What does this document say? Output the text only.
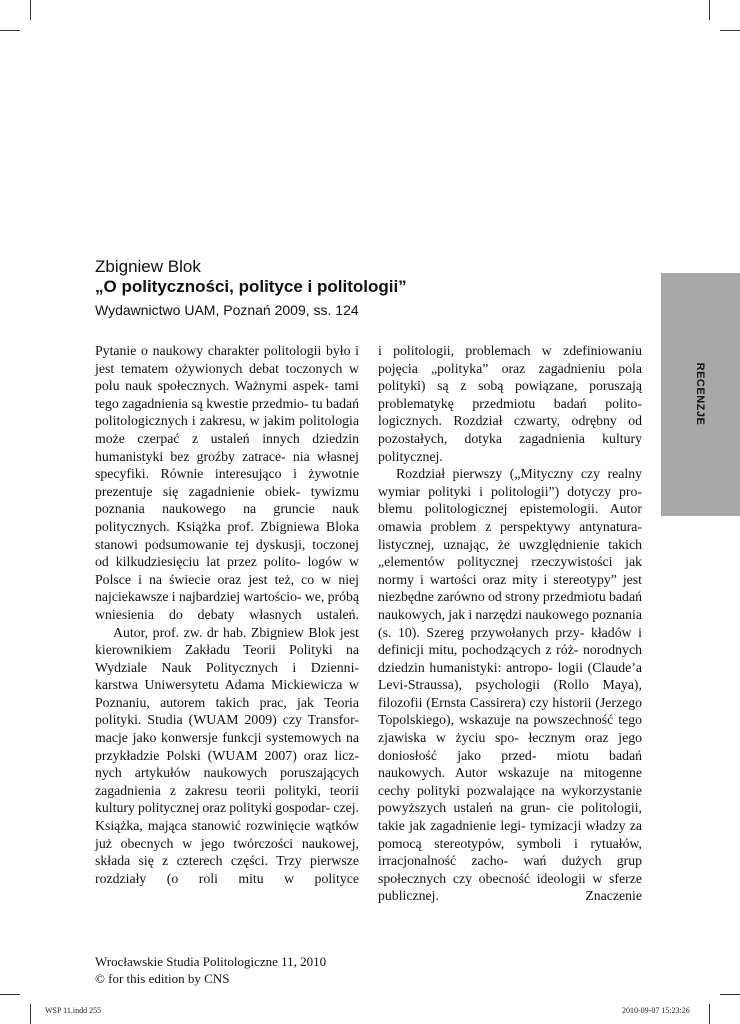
RECENZJE
Zbigniew Blok
„O polityczności, polityce i politologii”
Wydawnictwo UAM, Poznań 2009, ss. 124

Pytanie o naukowy charakter politologii było i jest tematem ożywionych debat toczonych w polu nauk społecznych. Ważnymi aspek- tami tego zagadnienia są kwestie przedmio- tu badań politologicznych i zakresu, w jakim politologia może czerpać z ustaleń innych dziedzin humanistyki bez groźby zatrace- nia własnej specyfiki. Równie interesująco i żywotnie prezentuje się zagadnienie obiek- tywizmu poznania naukowego na gruncie nauk politycznych. Książka prof. Zbigniewa Bloka stanowi podsumowanie tej dyskusji, toczonej od kilkudziesięciu lat przez polito- logów w Polsce i na świecie oraz jest też, co w niej najciekawsze i najbardziej wartościo- we, próbą wniesienia do debaty własnych ustaleń.

Autor, prof. zw. dr hab. Zbigniew Blok jest kierownikiem Zakładu Teorii Polityki na Wydziale Nauk Politycznych i Dzienni- karstwa Uniwersytetu Adama Mickiewicza w Poznaniu, autorem takich prac, jak Teoria polityki. Studia (WUAM 2009) czy Transfor- macje jako konwersje funkcji systemowych na przykładzie Polski (WUAM 2007) oraz licz- nych artykułów naukowych poruszających zagadnienia z zakresu teorii polityki, teorii kultury politycznej oraz polityki gospodar- czej. Książka, mająca stanowić rozwinięcie wątków już obecnych w jego twórczości naukowej, składa się z czterech części. Trzy pierwsze rozdziały (o roli mitu w polityce

i politologii, problemach w zdefiniowaniu pojęcia „polityka” oraz zagadnieniu pola polityki) są z sobą powiązane, poruszają problematykę przedmiotu badań polito- logicznych. Rozdział czwarty, odrębny od pozostałych, dotyka zagadnienia kultury politycznej.

Rozdział pierwszy („Mityczny czy realny wymiar polityki i politologii”) dotyczy pro- blemu politologicznej epistemologii. Autor omawia problem z perspektywy antynatura- listycznej, uznając, że uwzględnienie takich „elementów politycznej rzeczywistości jak normy i wartości oraz mity i stereotypy” jest niezbędne zarówno od strony przedmiotu badań naukowych, jak i narzędzi naukowego poznania (s. 10). Szereg przywołanych przy- kładów i definicji mitu, pochodzących z róż- norodnych dziedzin humanistyki: antropo- logii (Claude’a Levi-Straussa), psychologii (Rollo Maya), filozofii (Ernsta Cassirera) czy historii (Jerzego Topolskiego), wskazuje na powszechność tego zjawiska w życiu spo- łecznym oraz jego doniosłość jako przed- miotu badań naukowych. Autor wskazuje na mitogenne cechy polityki pozwalające na wykorzystanie powyższych ustaleń na grun- cie politologii, takie jak zagadnienie legi- tymizacji władzy za pomocą stereotypów, symboli i rytuałów, irracjonalność zacho- wań dużych grup społecznych czy obecność ideologii w sferze publicznej. Znaczenie

Wrocławskie Studia Politologiczne 11, 2010
© for this edition by CNS
WSP 11.indd 255	2010-09-07 15:23:26
